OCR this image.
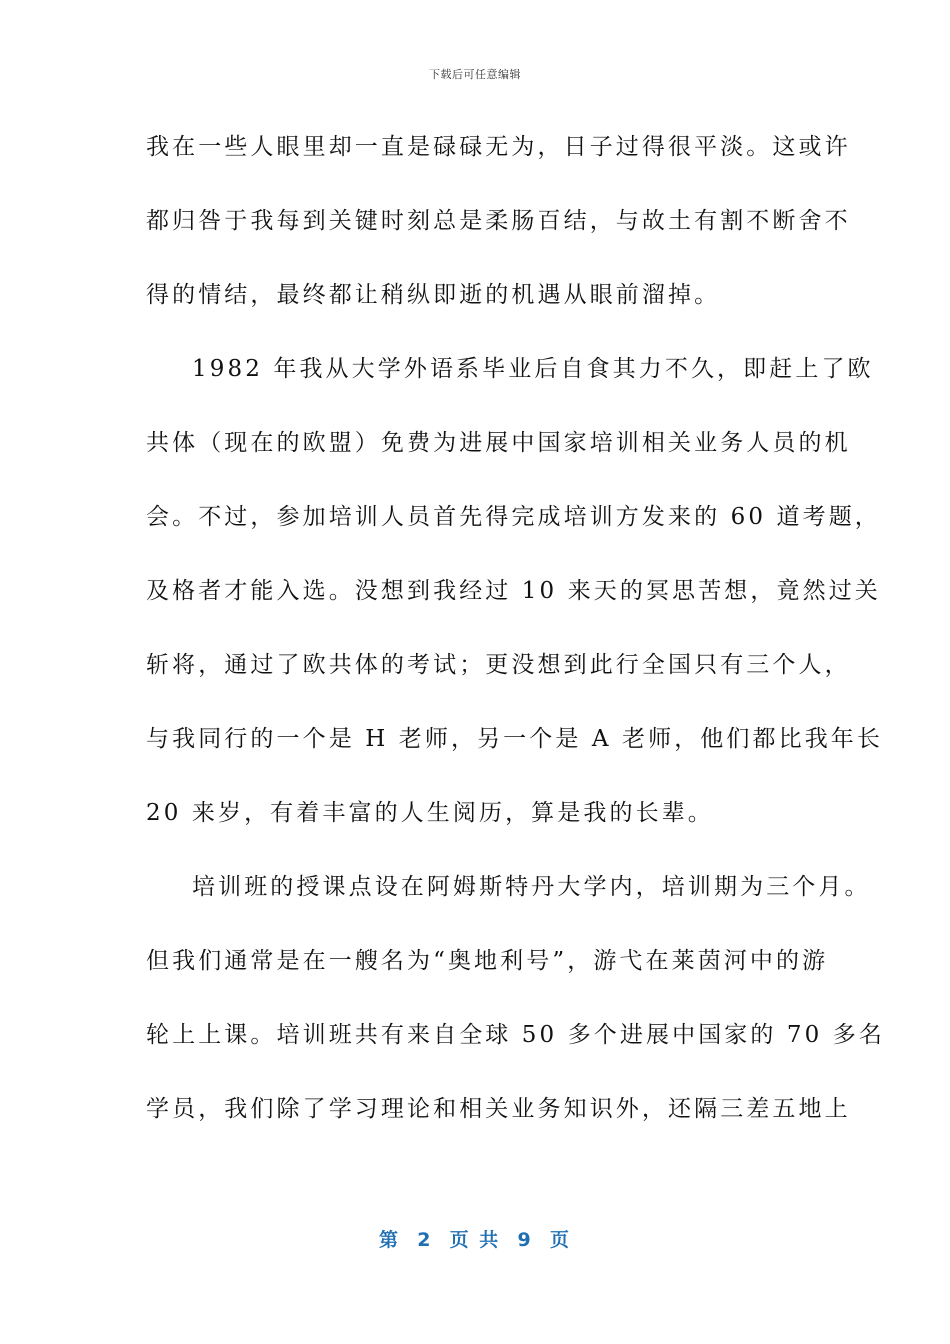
下载后可任意编辑
我在一些人眼里却一直是碌碌无为，日子过得很平淡。这或许
都归咎于我每到关键时刻总是柔肠百结，与故土有割不断舍不
得的情结，最终都让稍纵即逝的机遇从眼前溜掉。
1982 年我从大学外语系毕业后自食其力不久，即赶上了欧
共体（现在的欧盟）免费为进展中国家培训相关业务人员的机
会。不过，参加培训人员首先得完成培训方发来的 60 道考题，
及格者才能入选。没想到我经过 10 来天的冥思苦想，竟然过关
斩将，通过了欧共体的考试；更没想到此行全国只有三个人，
与我同行的一个是 H 老师，另一个是 A 老师，他们都比我年长
20 来岁，有着丰富的人生阅历，算是我的长辈。
培训班的授课点设在阿姆斯特丹大学内，培训期为三个月。
但我们通常是在一艘名为“奥地利号”，游弋在莱茵河中的游
轮上上课。培训班共有来自全球 50 多个进展中国家的 70 多名
学员，我们除了学习理论和相关业务知识外，还隔三差五地上
第  2  页 共  9  页
